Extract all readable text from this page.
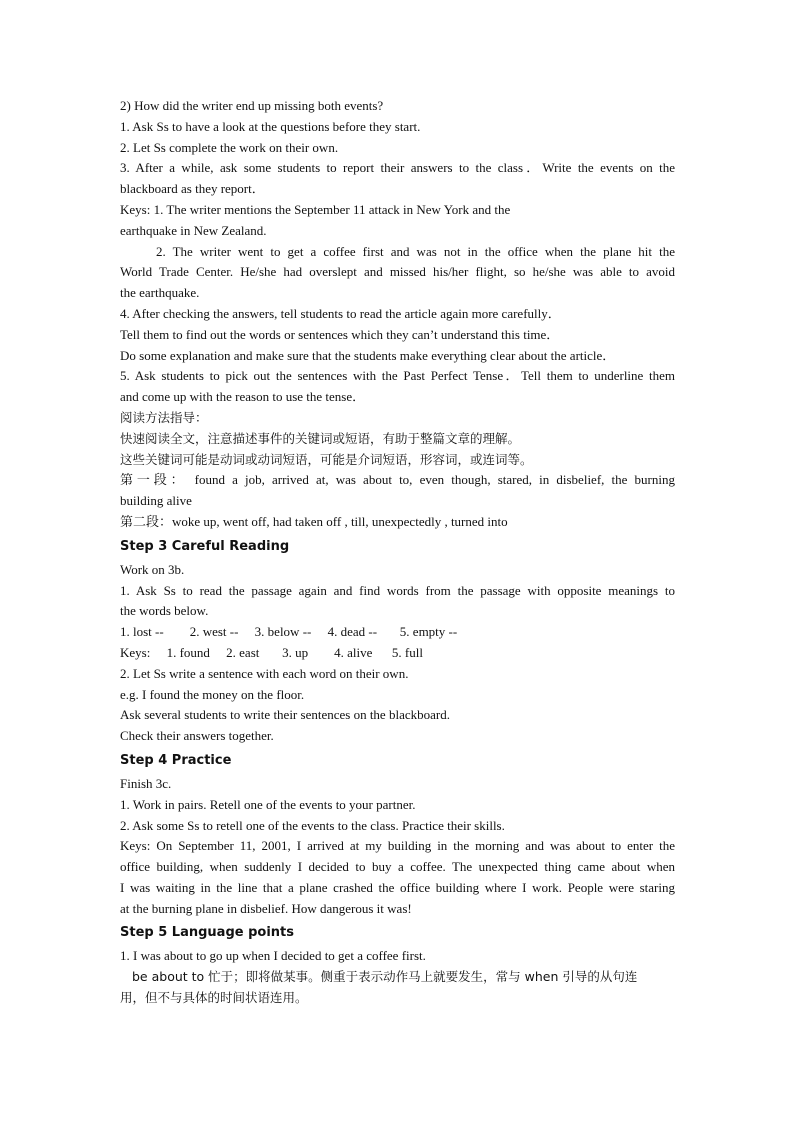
2) How did the writer end up missing both events?
1. Ask Ss to have a look at the questions before they start.
2. Let Ss complete the work on their own.
3. After a while, ask some students to report their answers to the class．Write the events on the
blackboard as they report．
Keys: 1. The writer mentions the September 11 attack in New York and the
earthquake in New Zealand.
2. The writer went to get a coffee first and was not in the office when the plane hit the
World Trade Center. He/she had overslept and missed his/her flight, so he/she was able to avoid
the earthquake.
4. After checking the answers, tell students to read the article again more carefully．
Tell them to find out the words or sentences which they can’t understand this time．
Do some explanation and make sure that the students make everything clear about the article．
5. Ask students to pick out the sentences with the Past Perfect Tense．Tell them to underline them
and come up with the reason to use the tense．
阅读方法指导：
快速阅读全文，注意描述事件的关键词或短语，有助于整篇文章的理解。
这些关键词可能是动词或动词短语，可能是介词短语，形容词，或连词等。
第一段： found a job, arrived at, was about to, even though, stared, in disbelief, the burning
building alive
第二段：woke up, went off, had taken off , till, unexpectedly , turned into
Step 3 Careful Reading
Work on 3b.
1. Ask Ss to read the passage again and find words from the passage with opposite meanings to
the words below.
1. lost --        2. west --     3. below --     4. dead --       5. empty --
Keys:     1. found     2. east       3. up        4. alive      5. full
2. Let Ss write a sentence with each word on their own.
e.g. I found the money on the floor.
Ask several students to write their sentences on the blackboard.
Check their answers together.
Step 4 Practice
Finish 3c.
1. Work in pairs. Retell one of the events to your partner.
2. Ask some Ss to retell one of the events to the class. Practice their skills.
Keys: On September 11, 2001, I arrived at my building in the morning and was about to enter the
office building, when suddenly I decided to buy a coffee. The unexpected thing came about when
I was waiting in the line that a plane crashed the office building where I work. People were staring
at the burning plane in disbelief. How dangerous it was!
Step 5 Language points
1. I was about to go up when I decided to get a coffee first.
be about to 忙于；即将做某事。侧重于表示动作马上就要发生，常与 when 引导的从句连
用，但不与具体的时间状语连用。
